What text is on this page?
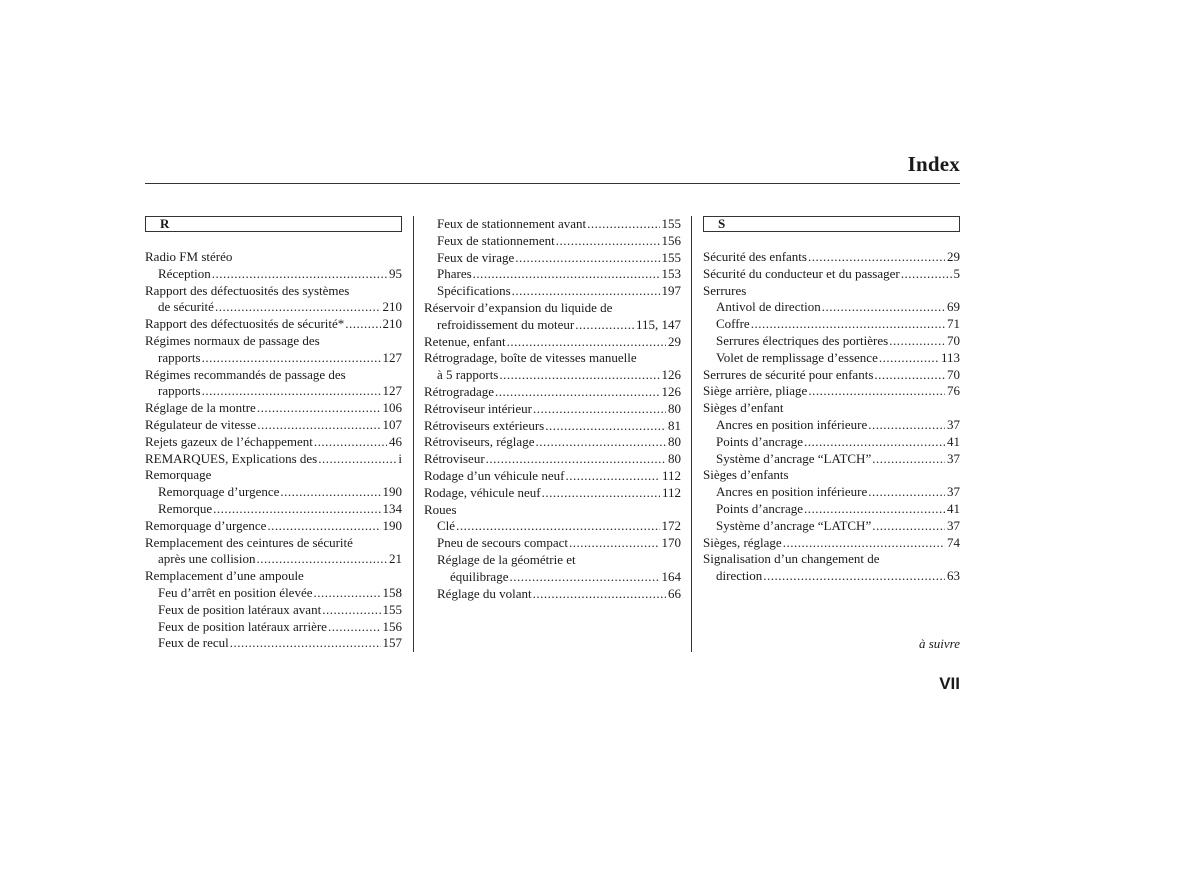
Index
R
Radio FM stéréo
Réception .....	95
Rapport des défectuosités des systèmes
de sécurité .....	210
Rapport des défectuosités de sécurité* .....	210
Régimes normaux de passage des
rapports .....	127
Régimes recommandés de passage des
rapports .....	127
Réglage de la montre .....	106
Régulateur de vitesse .....	107
Rejets gazeux de l’échappement .....	46
REMARQUES, Explications des .....	i
Remorquage
Remorquage d’urgence .....	190
Remorque .....	134
Remorquage d’urgence .....	190
Remplacement des ceintures de sécurité
après une collision .....	21
Remplacement d’une ampoule
Feu d’arrêt en position élevée .....	158
Feux de position latéraux avant .....	155
Feux de position latéraux arrière .....	156
Feux de recul .....	157
Feux de stationnement avant .....	155
Feux de stationnement .....	156
Feux de virage .....	155
Phares .....	153
Spécifications .....	197
Réservoir d’expansion du liquide de
refroidissement du moteur .....	115, 147
Retenue, enfant .....	29
Rétrogradage, boîte de vitesses manuelle
à 5 rapports .....	126
Rétrogradage .....	126
Rétroviseur intérieur .....	80
Rétroviseurs extérieurs .....	81
Rétroviseurs, réglage .....	80
Rétroviseur .....	80
Rodage d’un véhicule neuf .....	112
Rodage, véhicule neuf .....	112
Roues
Clé .....	172
Pneu de secours compact .....	170
Réglage de la géométrie et
équilibrage .....	164
Réglage du volant .....	66
S
Sécurité des enfants .....	29
Sécurité du conducteur et du passager .....	5
Serrures
Antivol de direction .....	69
Coffre .....	71
Serrures électriques des portières .....	70
Volet de remplissage d’essence .....	113
Serrures de sécurité pour enfants .....	70
Siège arrière, pliage .....	76
Sièges d’enfant
Ancres en position inférieure .....	37
Points d’ancrage .....	41
Système d’ancrage “LATCH” .....	37
Sièges d’enfants
Ancres en position inférieure .....	37
Points d’ancrage .....	41
Système d’ancrage “LATCH” .....	37
Sièges, réglage .....	74
Signalisation d’un changement de
direction .....	63
à suivre
VII
